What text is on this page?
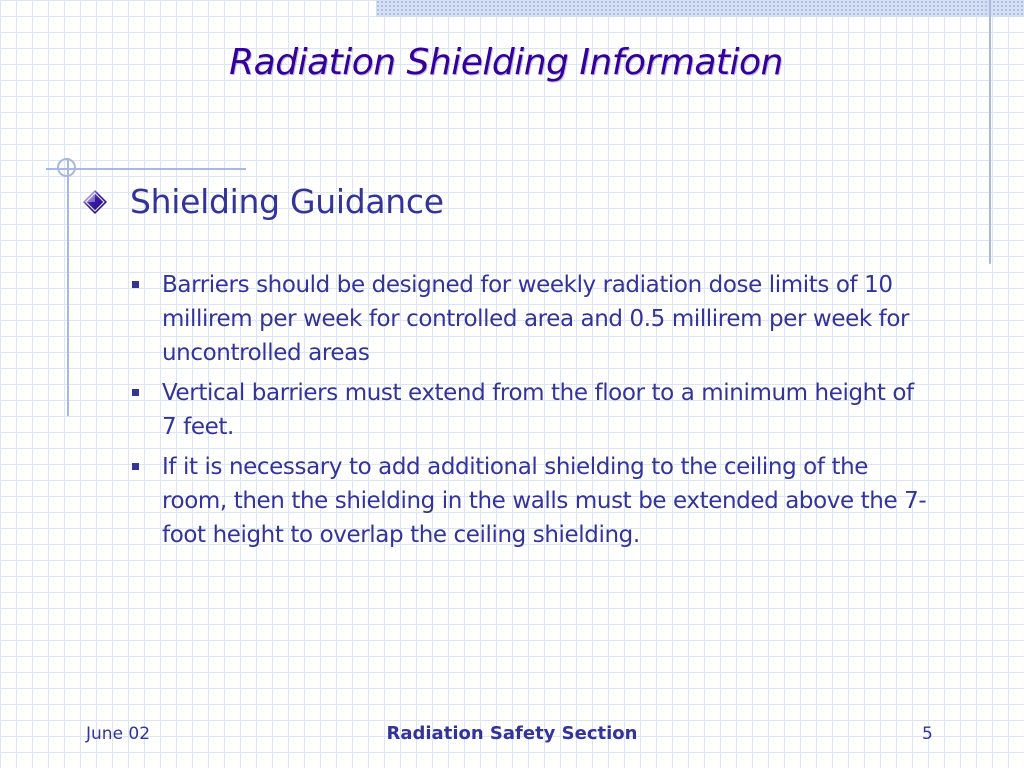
Radiation Shielding Information
Shielding Guidance
Barriers should be designed for weekly radiation dose limits of 10 millirem per week for controlled area and 0.5 millirem per week for uncontrolled areas
Vertical barriers must extend from the floor to a minimum height of 7 feet.
If it is necessary to add additional shielding to the ceiling of the room, then the shielding in the walls must be extended above the 7-foot height to overlap the ceiling shielding.
June 02	Radiation Safety Section	5
